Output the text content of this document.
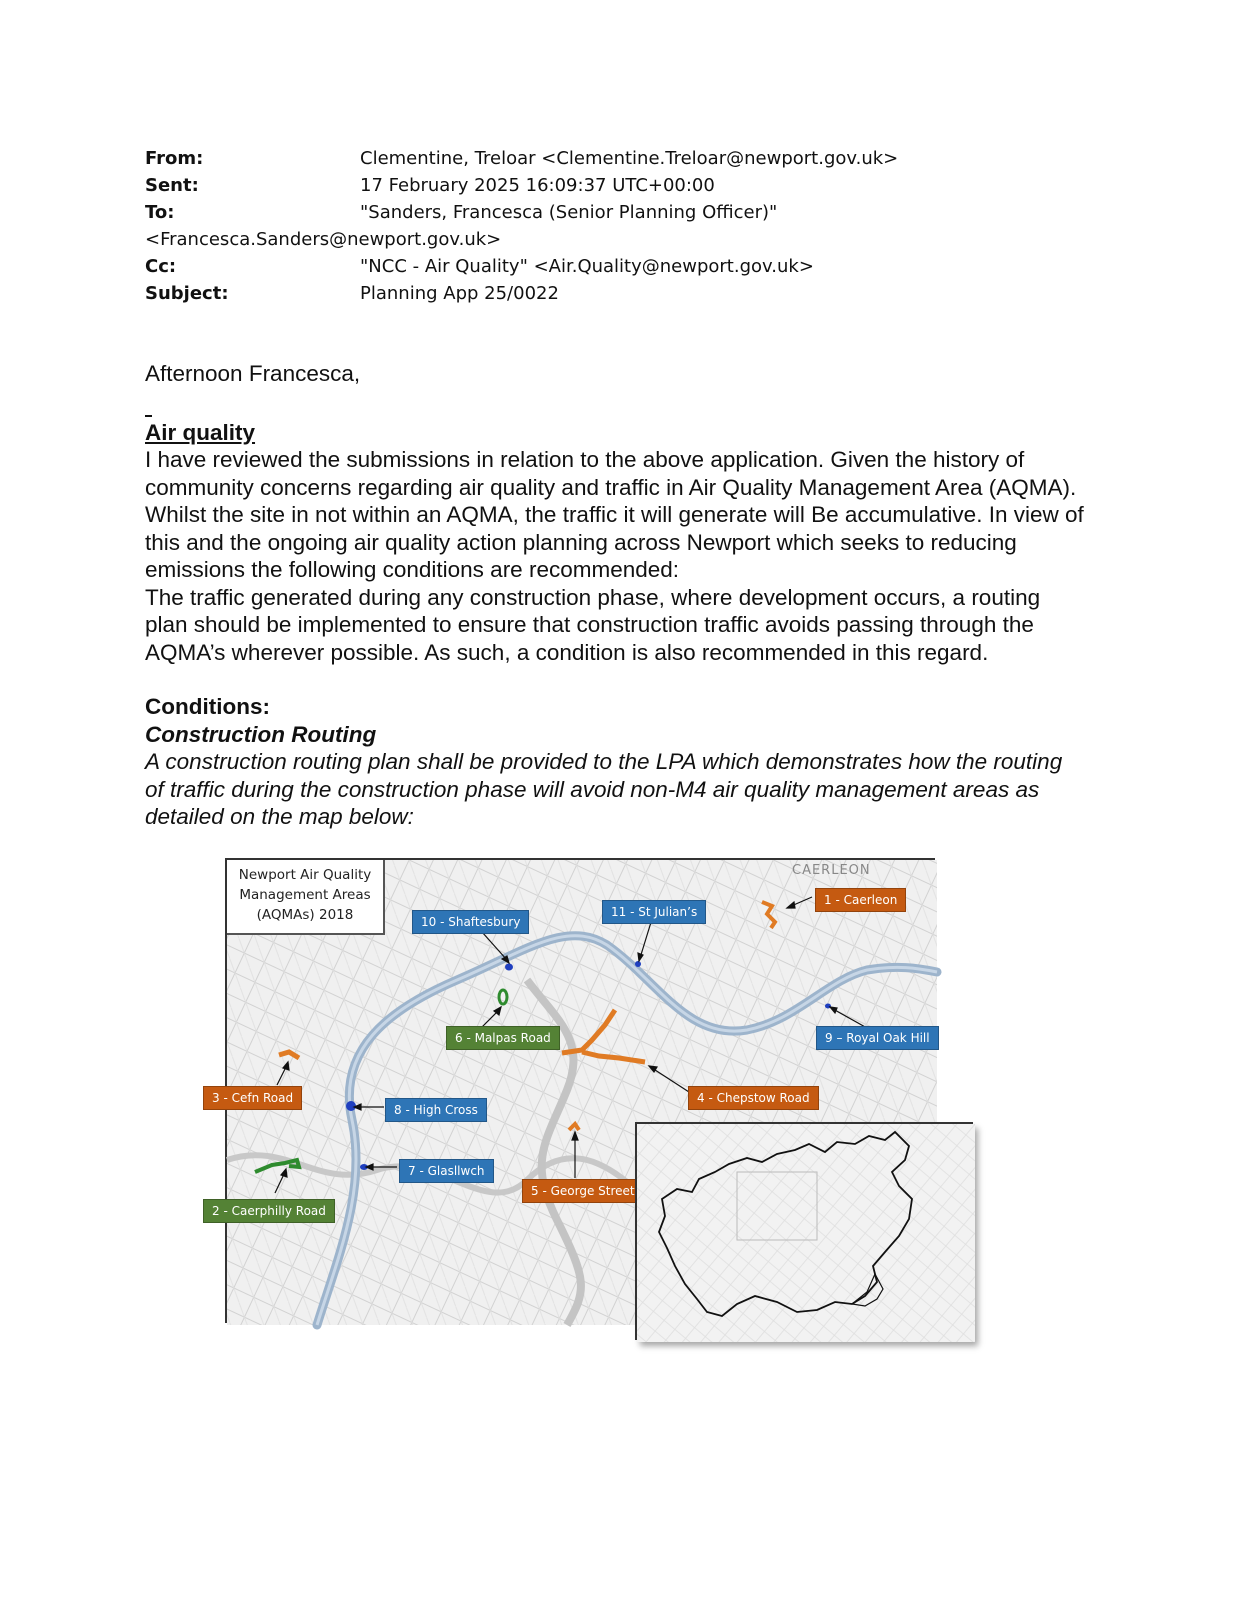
From:	Clementine, Treloar <Clementine.Treloar@newport.gov.uk>
Sent:	17 February 2025 16:09:37 UTC+00:00
To:	"Sanders, Francesca (Senior Planning Officer)"
<Francesca.Sanders@newport.gov.uk>
Cc:	"NCC - Air Quality" <Air.Quality@newport.gov.uk>
Subject:	Planning App 25/0022

Afternoon Francesca,

Air quality

I have reviewed the submissions in relation to the above application. Given the history of community concerns regarding air quality and traffic in Air Quality Management Area (AQMA). Whilst the site in not within an AQMA, the traffic it will generate will Be accumulative. In view of this and the ongoing air quality action planning across Newport which seeks to reducing emissions the following conditions are recommended:

The traffic generated during any construction phase, where development occurs, a routing plan should be implemented to ensure that construction traffic avoids passing through the AQMA’s wherever possible. As such, a condition is also recommended in this regard.

Conditions:

Construction Routing

A construction routing plan shall be provided to the LPA which demonstrates how the routing of traffic during the construction phase will avoid non-M4 air quality management areas as detailed on the map below:

Newport Air Quality
Management Areas
(AQMAs) 2018
CAERLEON
1 - Caerleon
10 - Shaftesbury
11 - St Julian’s
6 - Malpas Road	9 – Royal Oak Hill
3 - Cefn Road	4 - Chepstow Road
8 - High Cross
7 - Glasllwch
5 - George Street
2 - Caerphilly Road
